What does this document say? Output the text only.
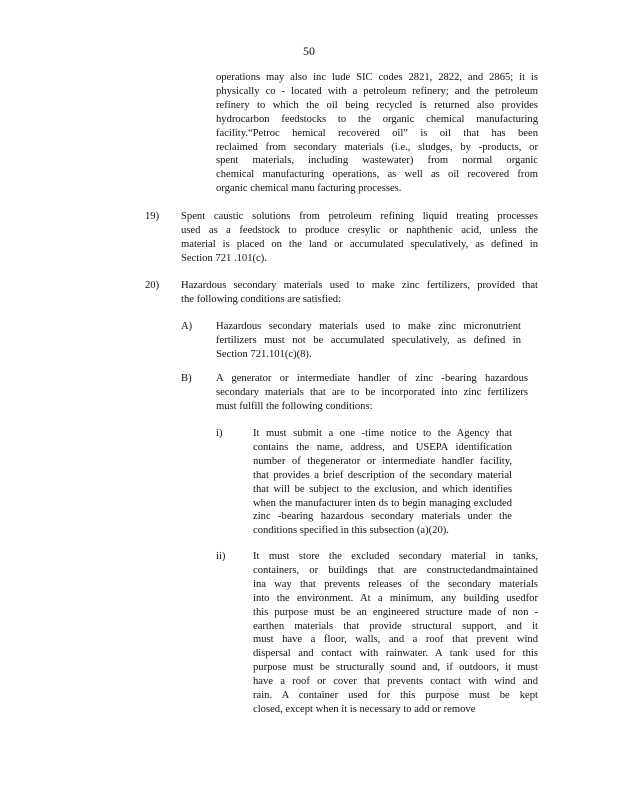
50
operations may also inc lude SIC codes 2821, 2822, and 2865; it is
physically co - located with a petroleum refinery; and the petroleum
refinery to which the oil being recycled is returned also provides
hydrocarbon feedstocks to the organic chemical manufacturing
facility.“Petroc hemical recovered oil” is oil that has been
reclaimed from secondary materials (i.e., sludges, by -products, or
spent materials, including wastewater) from normal organic
chemical manufacturing operations, as well as oil recovered from
organic chemical manu facturing processes.
19) Spent caustic solutions from petroleum refining liquid treating processes
used as a feedstock to produce cresylic or naphthenic acid, unless the
material is placed on the land or accumulated speculatively, as defined in
Section 721 .101(c).
20) Hazardous secondary materials used to make zinc fertilizers, provided that
the following conditions are satisfied:
A) Hazardous secondary materials used to make zinc micronutrient
fertilizers must not be accumulated speculatively, as defined in
Section 721.101(c)(8).
B) A generator or intermediate handler of zinc -bearing hazardous
secondary materials that are to be incorporated into zinc fertilizers
must fulfill the following conditions:
i)	It must submit a one -time notice to the Agency that
contains the name, address, and USEPA identification
number of thegenerator or intermediate handler facility,
that provides a brief description of the secondary material
that will be subject to the exclusion, and which identifies
when the manufacturer inten ds to begin managing excluded
zinc -bearing hazardous secondary materials under the
conditions specified in this subsection (a)(20).
ii)	It must store the excluded secondary material in tanks,
containers, or buildings that are constructedandmaintained
ina way that prevents releases of the secondary materials
into the environment. At a minimum, any building usedfor
this purpose must be an engineered structure made of non -
earthen materials that provide structural support, and it
must have a floor, walls, and a roof that prevent wind
dispersal and contact with rainwater. A tank used for this
purpose must be structurally sound and, if outdoors, it must
have a roof or cover that prevents contact with wind and
rain. A container used for this purpose must be kept
closed, except when it is necessary to add or remove
